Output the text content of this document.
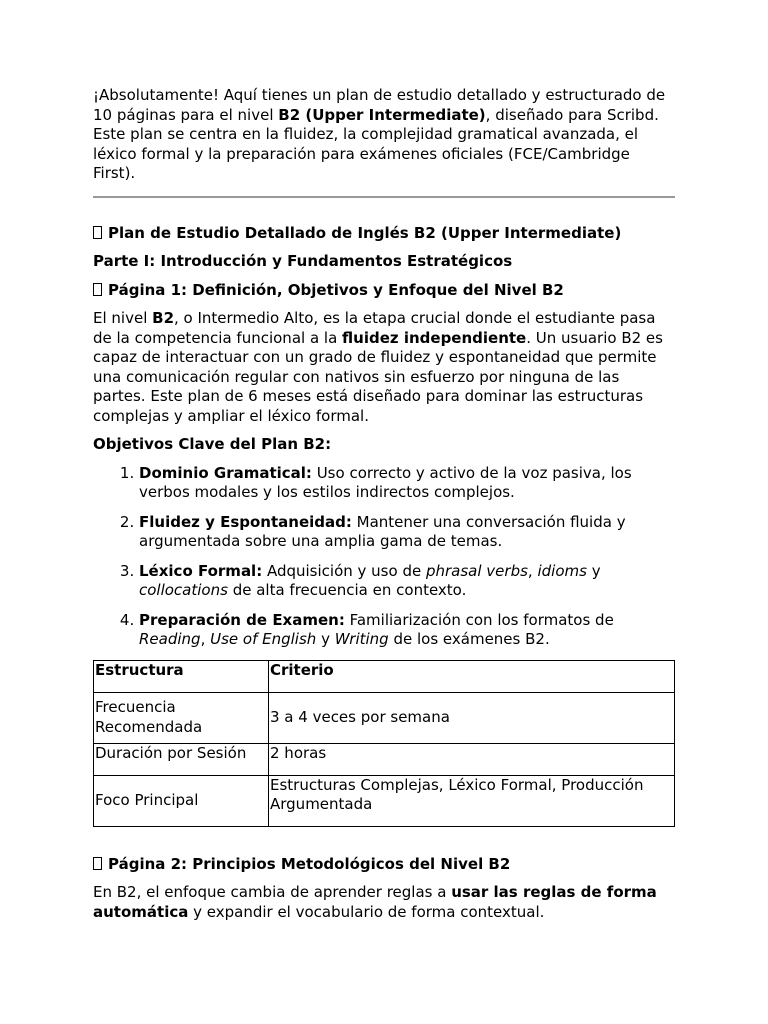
¡Absolutamente! Aquí tienes un plan de estudio detallado y estructurado de 10 páginas para el nivel B2 (Upper Intermediate), diseñado para Scribd. Este plan se centra en la fluidez, la complejidad gramatical avanzada, el léxico formal y la preparación para exámenes oficiales (FCE/Cambridge First).

Plan de Estudio Detallado de Inglés B2 (Upper Intermediate)

Parte I: Introducción y Fundamentos Estratégicos

Página 1: Definición, Objetivos y Enfoque del Nivel B2

El nivel B2, o Intermedio Alto, es la etapa crucial donde el estudiante pasa de la competencia funcional a la fluidez independiente. Un usuario B2 es capaz de interactuar con un grado de fluidez y espontaneidad que permite una comunicación regular con nativos sin esfuerzo por ninguna de las partes. Este plan de 6 meses está diseñado para dominar las estructuras complejas y ampliar el léxico formal.

Objetivos Clave del Plan B2:

1. Dominio Gramatical: Uso correcto y activo de la voz pasiva, los verbos modales y los estilos indirectos complejos.
2. Fluidez y Espontaneidad: Mantener una conversación fluida y argumentada sobre una amplia gama de temas.
3. Léxico Formal: Adquisición y uso de phrasal verbs, idioms y collocations de alta frecuencia en contexto.
4. Preparación de Examen: Familiarización con los formatos de Reading, Use of English y Writing de los exámenes B2.
Estructura	Criterio
Frecuencia Recomendada	3 a 4 veces por semana
Duración por Sesión	2 horas
Foco Principal	Estructuras Complejas, Léxico Formal, Producción Argumentada

Página 2: Principios Metodológicos del Nivel B2

En B2, el enfoque cambia de aprender reglas a usar las reglas de forma automática y expandir el vocabulario de forma contextual.
